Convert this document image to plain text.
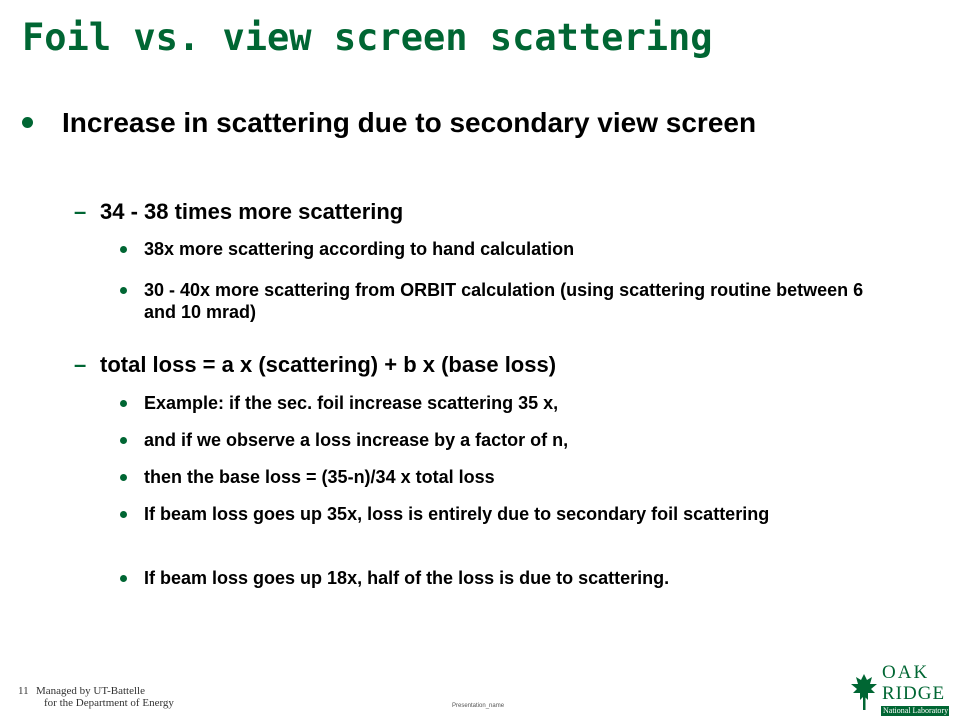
Foil vs. view screen scattering
Increase in scattering due to secondary view screen
– 34 - 38 times more scattering
38x more scattering according to hand calculation
30 - 40x more scattering from ORBIT calculation (using scattering routine between 6 and 10 mrad)
– total loss = a x (scattering) + b x (base loss)
Example: if the sec. foil increase scattering 35 x,
and if we observe a loss increase by a factor of n,
then the base loss = (35-n)/34 x total loss
If beam loss goes up 35x, loss is entirely due to secondary foil scattering
If beam loss goes up 18x, half of the loss is due to scattering.
11 Managed by UT-Battelle
for the Department of Energy	Presentation_name
OAK
RIDGE
National Laboratory
